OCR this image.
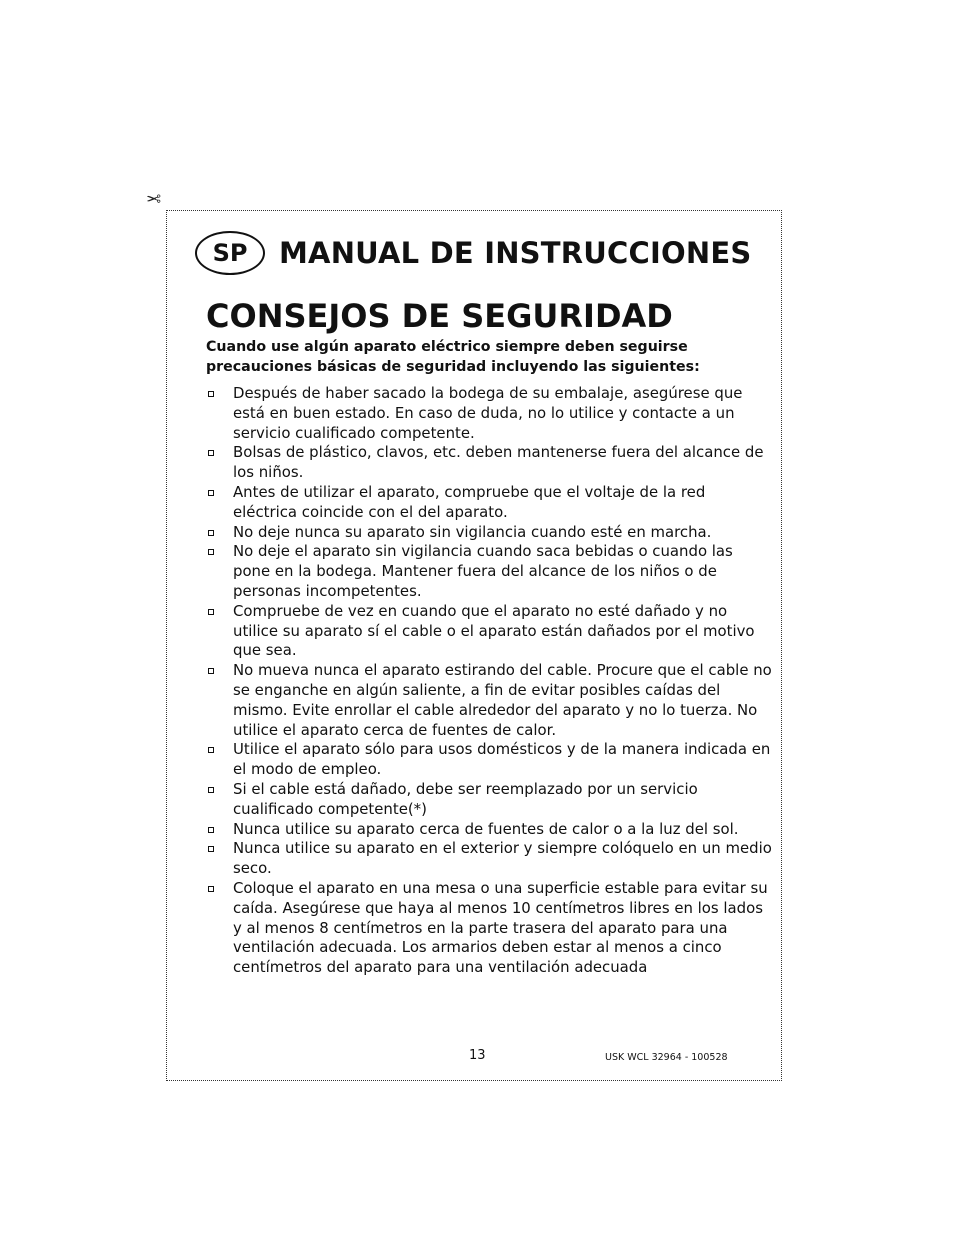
✂
SP	MANUAL DE INSTRUCCIONES
CONSEJOS DE SEGURIDAD
Cuando use algún aparato eléctrico siempre deben seguirse precauciones básicas de seguridad incluyendo las siguientes:
Después de haber sacado la bodega de su embalaje, asegúrese que está en buen estado. En caso de duda, no lo utilice y contacte a un servicio cualificado competente.
Bolsas de plástico, clavos, etc. deben mantenerse fuera del alcance de los niños.
Antes de utilizar el aparato, compruebe que el voltaje de la red eléctrica coincide con el del aparato.
No deje nunca su aparato sin vigilancia cuando esté en marcha.
No deje el aparato sin vigilancia cuando saca bebidas o cuando las pone en la bodega. Mantener fuera del alcance de los niños o de personas incompetentes.
Compruebe de vez en cuando que el aparato no esté dañado y no utilice su aparato sí el cable o el aparato están dañados por el motivo que sea.
No mueva nunca el aparato estirando del cable. Procure que el cable no se enganche en algún saliente, a fin de evitar posibles caídas del mismo. Evite enrollar el cable alrededor del aparato y no lo tuerza. No utilice el aparato cerca de fuentes de calor.
Utilice el aparato sólo para usos domésticos y de la manera indicada en el modo de empleo.
Si el cable está dañado, debe ser reemplazado por un servicio cualificado competente(*)
Nunca utilice su aparato cerca de fuentes de calor o a la luz del sol.
Nunca utilice su aparato en el exterior y siempre colóquelo en un medio seco.
Coloque el aparato en una mesa o una superficie estable para evitar su caída. Asegúrese que haya al menos 10 centímetros libres en los lados y al menos 8 centímetros en la parte trasera del aparato para una ventilación adecuada. Los armarios deben estar al menos a cinco centímetros del aparato para una ventilación adecuada
13	USK WCL 32964 - 100528
